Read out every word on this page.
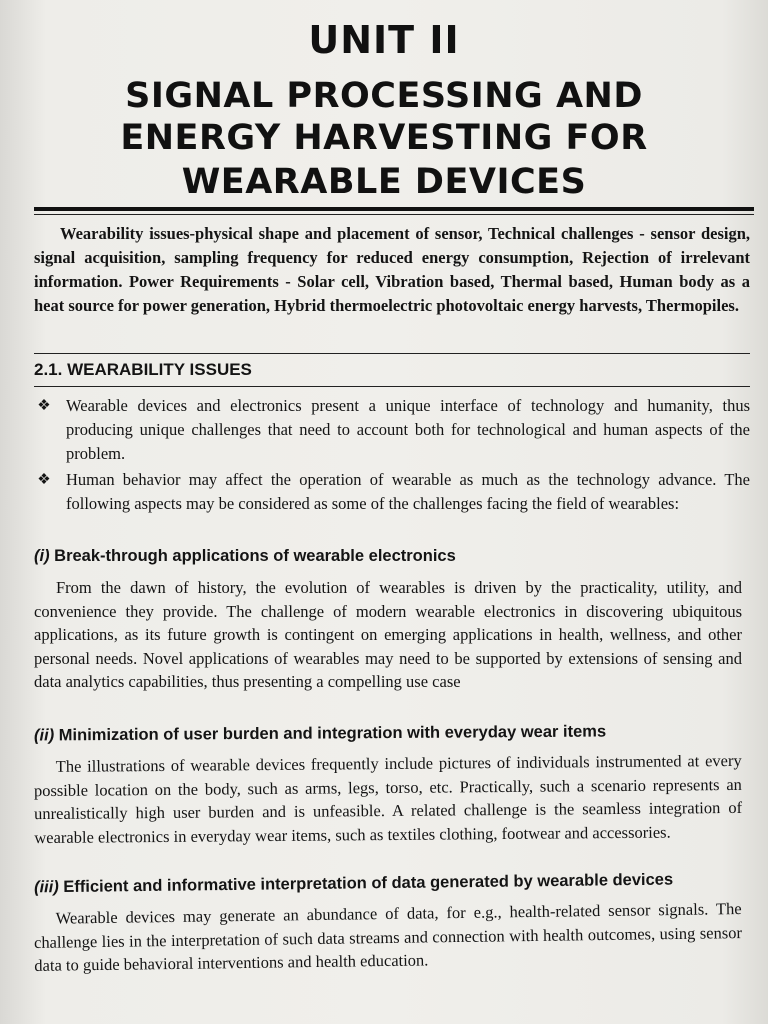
UNIT II
SIGNAL PROCESSING AND
ENERGY HARVESTING FOR
WEARABLE DEVICES
Wearability issues-physical shape and placement of sensor, Technical challenges - sensor design, signal acquisition, sampling frequency for reduced energy consumption, Rejection of irrelevant information. Power Requirements - Solar cell, Vibration based, Thermal based, Human body as a heat source for power generation, Hybrid thermoelectric photovoltaic energy harvests, Thermopiles.
2.1. WEARABILITY ISSUES
❖ Wearable devices and electronics present a unique interface of technology and humanity, thus producing unique challenges that need to account both for technological and human aspects of the problem.
❖ Human behavior may affect the operation of wearable as much as the technology advance. The following aspects may be considered as some of the challenges facing the field of wearables:
(i) Break-through applications of wearable electronics
From the dawn of history, the evolution of wearables is driven by the practicality, utility, and convenience they provide. The challenge of modern wearable electronics in discovering ubiquitous applications, as its future growth is contingent on emerging applications in health, wellness, and other personal needs. Novel applications of wearables may need to be supported by extensions of sensing and data analytics capabilities, thus presenting a compelling use case
(ii) Minimization of user burden and integration with everyday wear items
The illustrations of wearable devices frequently include pictures of individuals instrumented at every possible location on the body, such as arms, legs, torso, etc. Practically, such a scenario represents an unrealistically high user burden and is unfeasible. A related challenge is the seamless integration of wearable electronics in everyday wear items, such as textiles clothing, footwear and accessories.
(iii) Efficient and informative interpretation of data generated by wearable devices
Wearable devices may generate an abundance of data, for e.g., health-related sensor signals. The challenge lies in the interpretation of such data streams and connection with health outcomes, using sensor data to guide behavioral interventions and health education.
